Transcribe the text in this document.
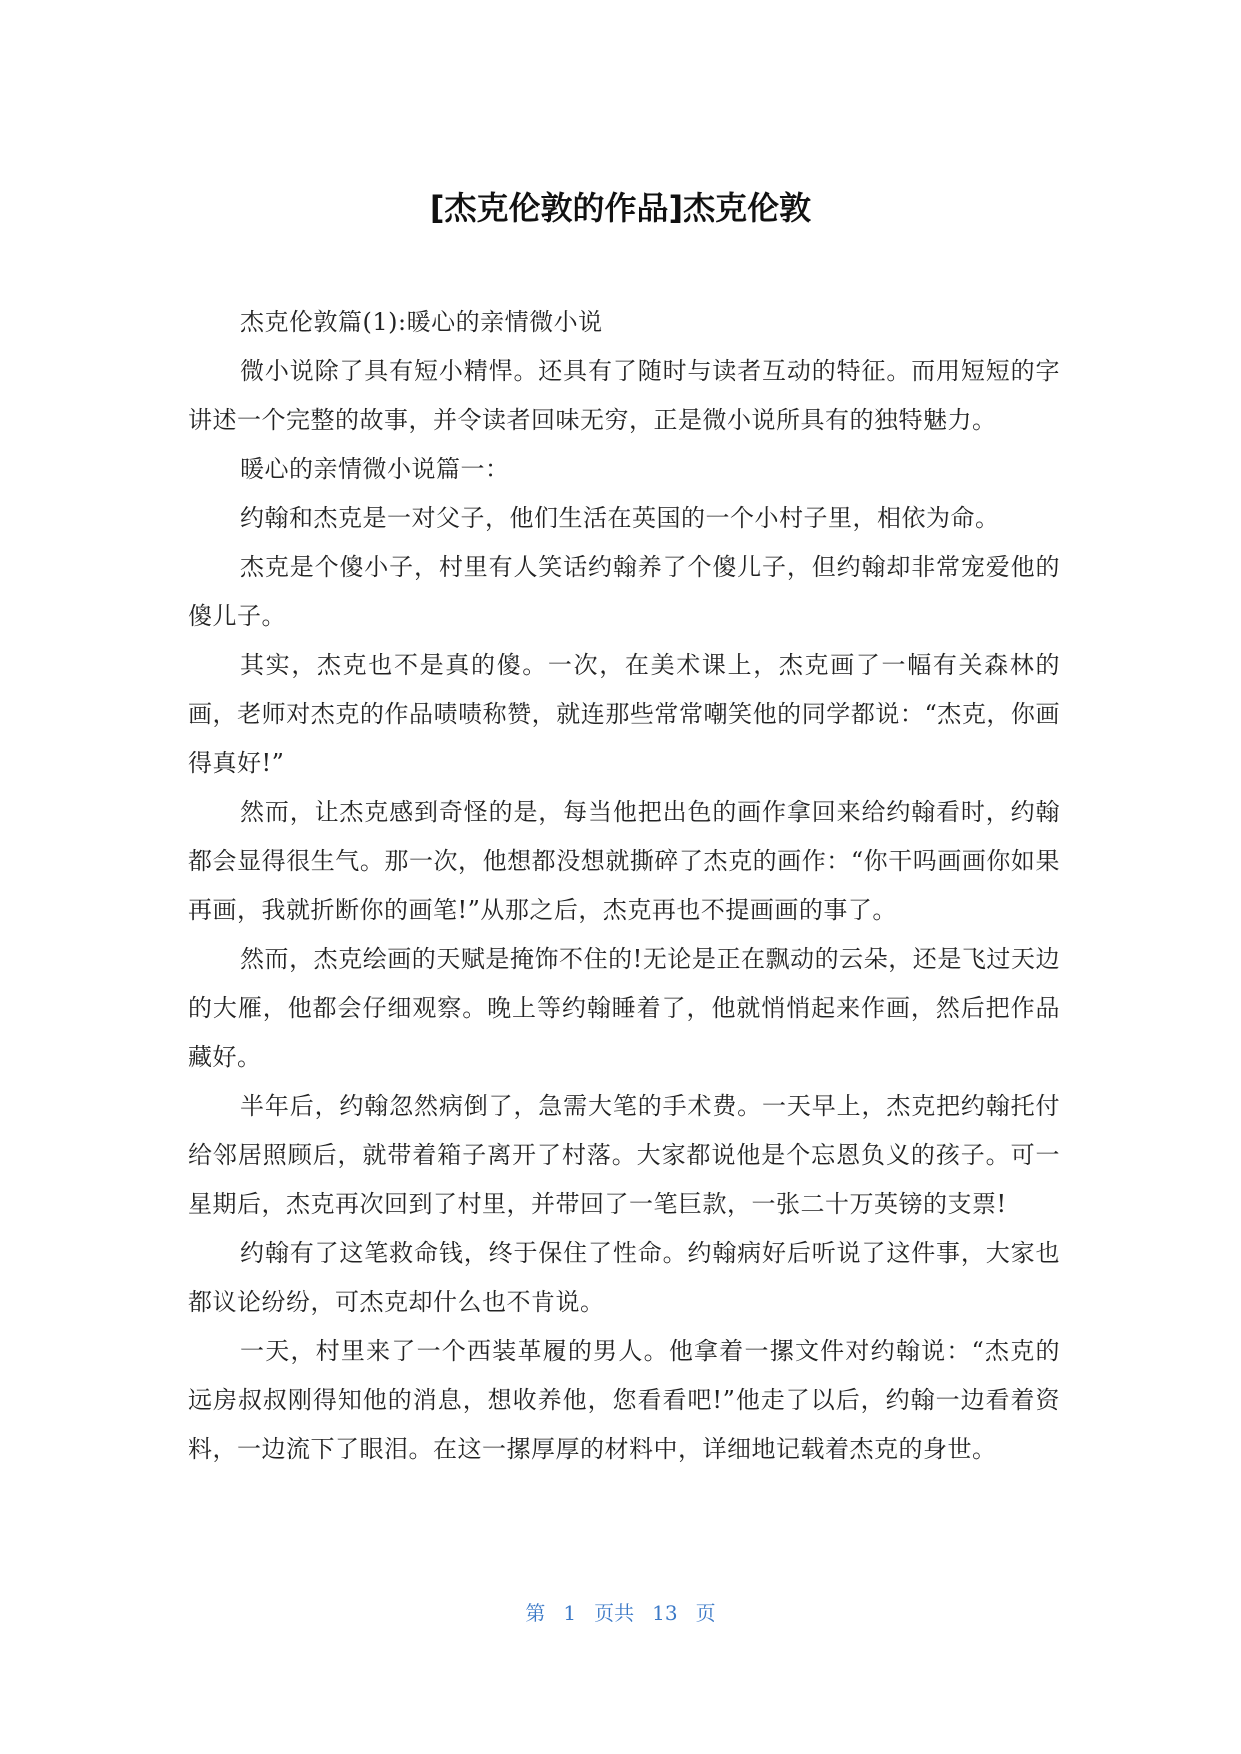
[杰克伦敦的作品]杰克伦敦

杰克伦敦篇(1):暖心的亲情微小说

微小说除了具有短小精悍。还具有了随时与读者互动的特征。而用短短的字讲述一个完整的故事，并令读者回味无穷，正是微小说所具有的独特魅力。

暖心的亲情微小说篇一：

约翰和杰克是一对父子，他们生活在英国的一个小村子里，相依为命。

杰克是个傻小子，村里有人笑话约翰养了个傻儿子，但约翰却非常宠爱他的傻儿子。

其实，杰克也不是真的傻。一次，在美术课上，杰克画了一幅有关森林的画，老师对杰克的作品啧啧称赞，就连那些常常嘲笑他的同学都说：“杰克，你画得真好!”

然而，让杰克感到奇怪的是，每当他把出色的画作拿回来给约翰看时，约翰都会显得很生气。那一次，他想都没想就撕碎了杰克的画作：“你干吗画画你如果再画，我就折断你的画笔!”从那之后，杰克再也不提画画的事了。

然而，杰克绘画的天赋是掩饰不住的!无论是正在飘动的云朵，还是飞过天边的大雁，他都会仔细观察。晚上等约翰睡着了，他就悄悄起来作画，然后把作品藏好。

半年后，约翰忽然病倒了，急需大笔的手术费。一天早上，杰克把约翰托付给邻居照顾后，就带着箱子离开了村落。大家都说他是个忘恩负义的孩子。可一星期后，杰克再次回到了村里，并带回了一笔巨款，一张二十万英镑的支票!

约翰有了这笔救命钱，终于保住了性命。约翰病好后听说了这件事，大家也都议论纷纷，可杰克却什么也不肯说。

一天，村里来了一个西装革履的男人。他拿着一摞文件对约翰说：“杰克的远房叔叔刚得知他的消息，想收养他，您看看吧!”他走了以后，约翰一边看着资料，一边流下了眼泪。在这一摞厚厚的材料中，详细地记载着杰克的身世。

第 1 页共 13 页
